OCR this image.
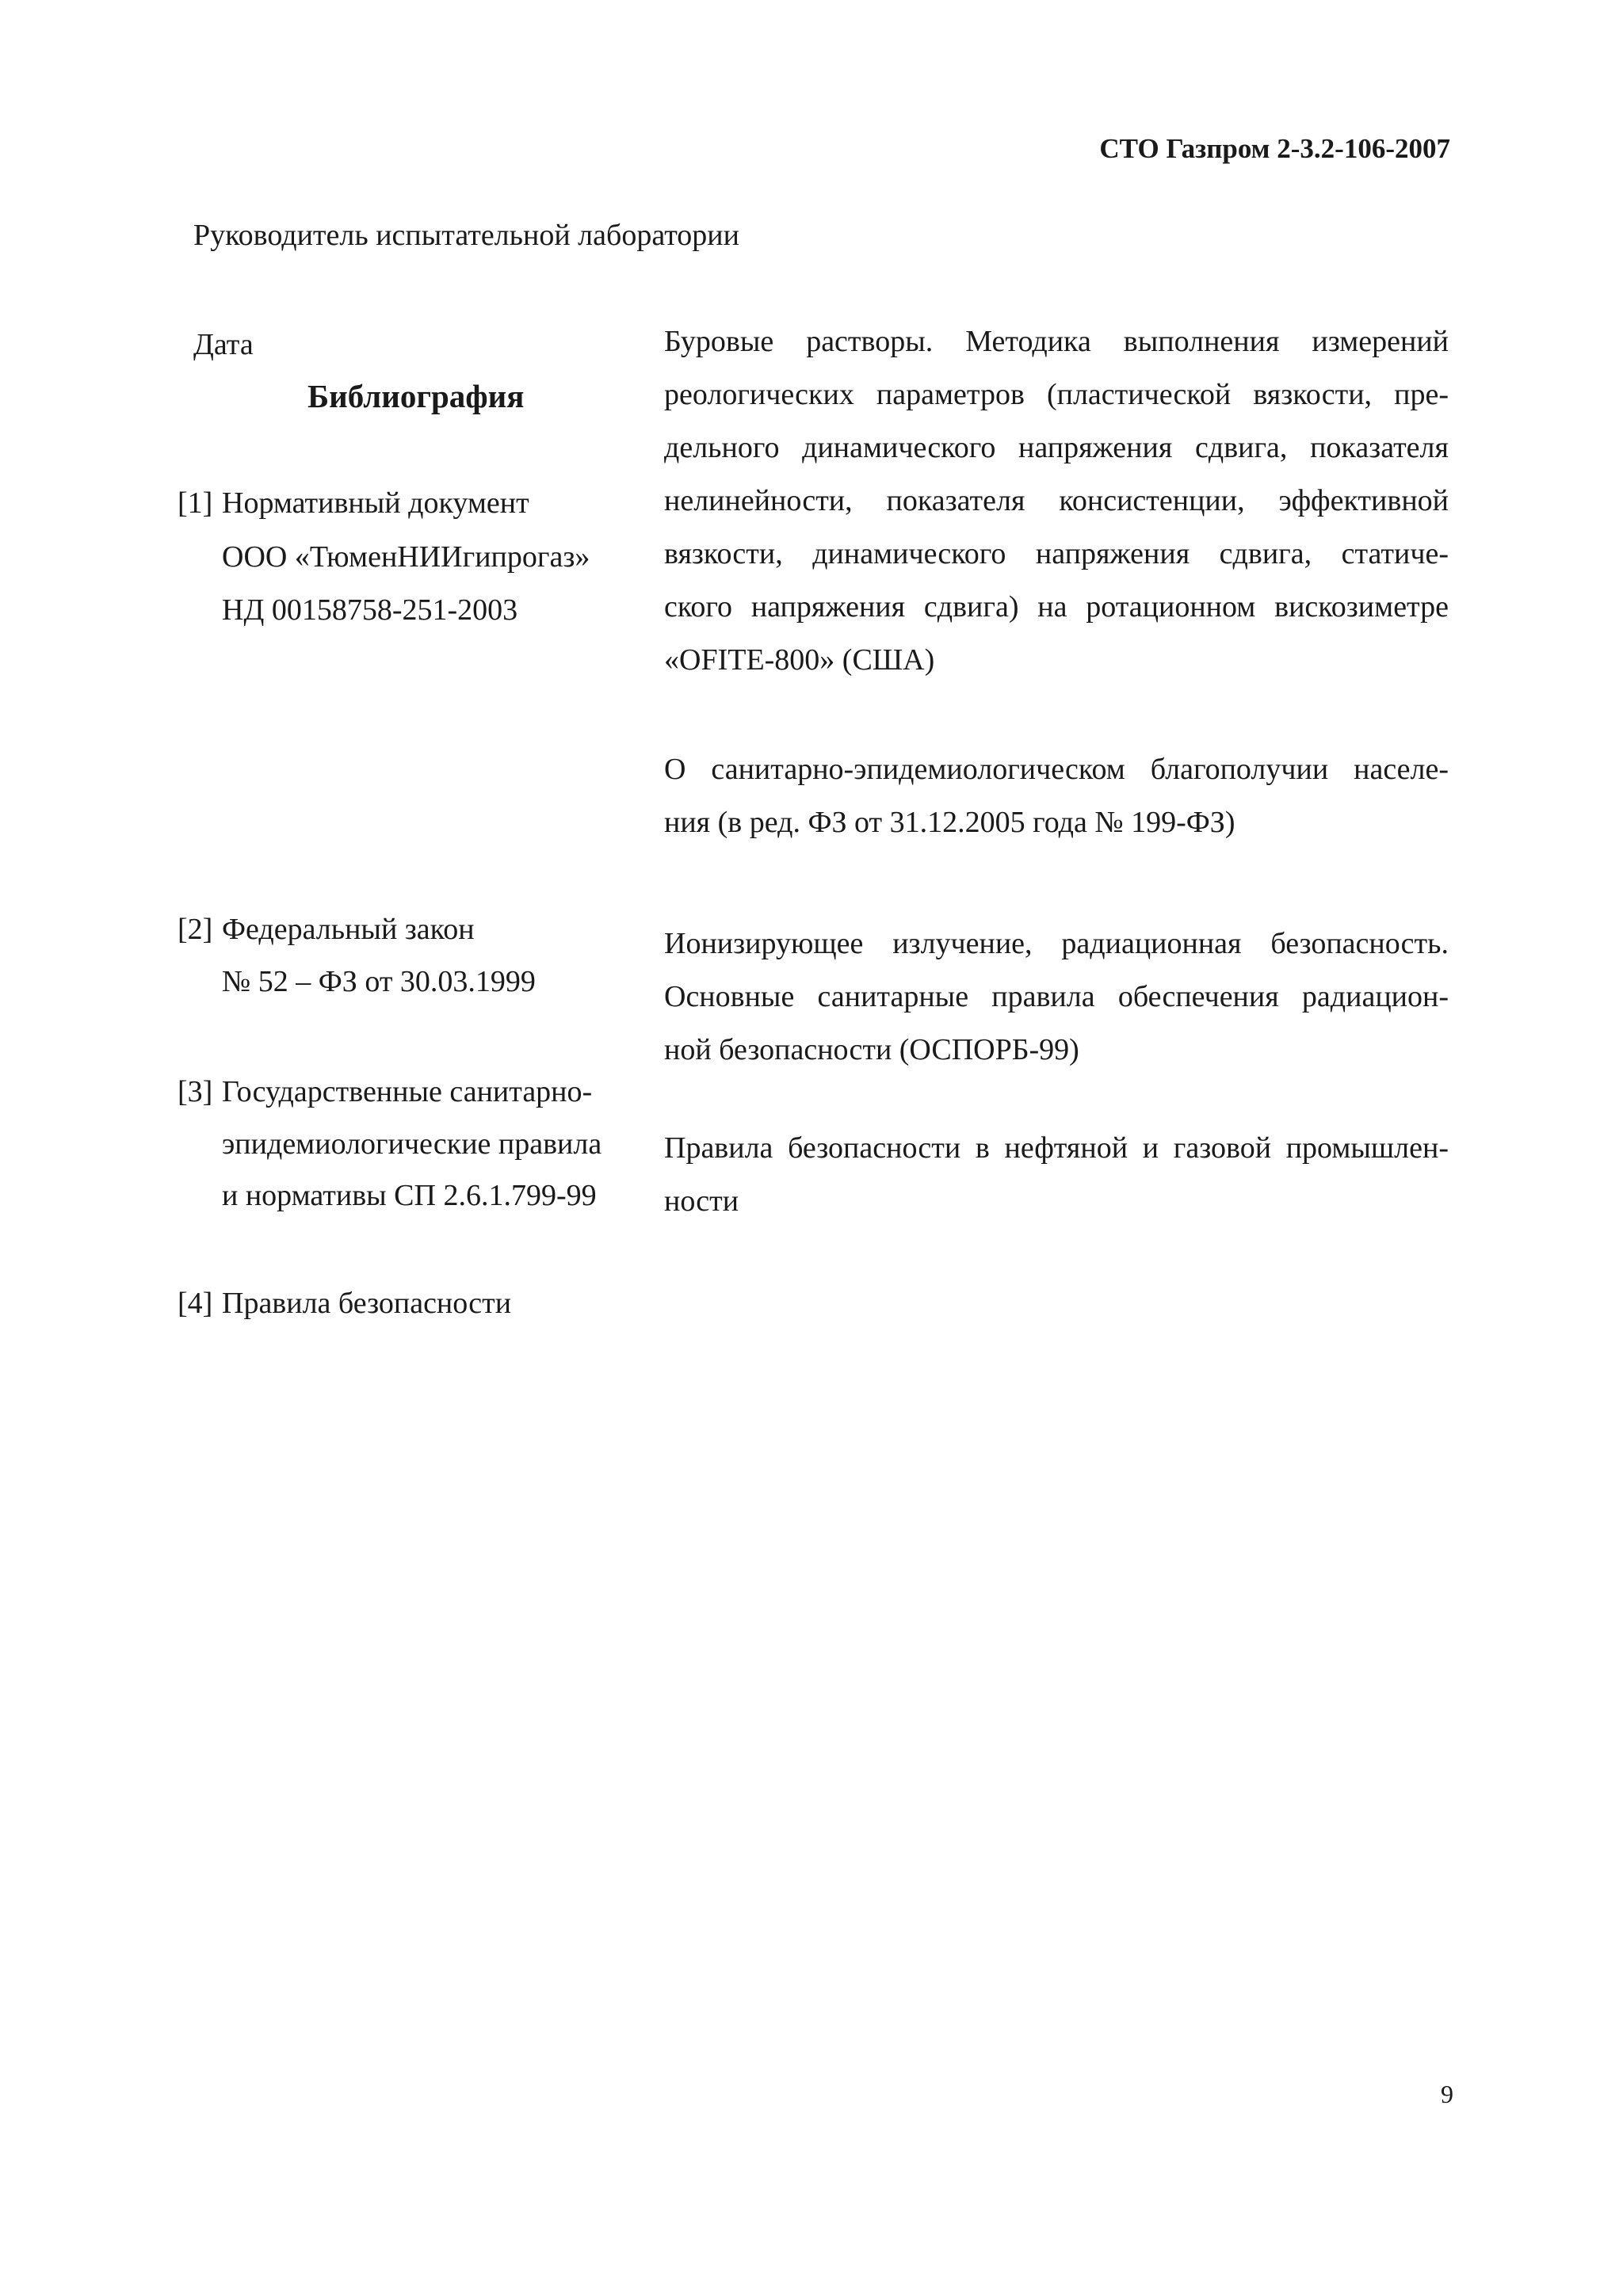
СТО Газпром 2-3.2-106-2007
Руководитель испытательной лаборатории
Дата
Библиография
[1] Нормативный документ
ООО «ТюменНИИгипрогаз»
НД 00158758-251-2003
[2] Федеральный закон
№ 52 – ФЗ от 30.03.1999
[3] Государственные санитарно-
эпидемиологические правила
и нормативы СП 2.6.1.799-99
[4] Правила безопасности
Буровые растворы. Методика выполнения измерений
реологических параметров (пластической вязкости, пре-
дельного динамического напряжения сдвига, показателя
нелинейности, показателя консистенции, эффективной
вязкости, динамического напряжения сдвига, статиче-
ского напряжения сдвига) на ротационном вискозиметре
«OFITE-800» (США)
О санитарно-эпидемиологическом благополучии населе-
ния (в ред. ФЗ от 31.12.2005 года № 199-ФЗ)
Ионизирующее излучение, радиационная безопасность.
Основные санитарные правила обеспечения радиацион-
ной безопасности (ОСПОРБ-99)
Правила безопасности в нефтяной и газовой промышлен-
ности
9
